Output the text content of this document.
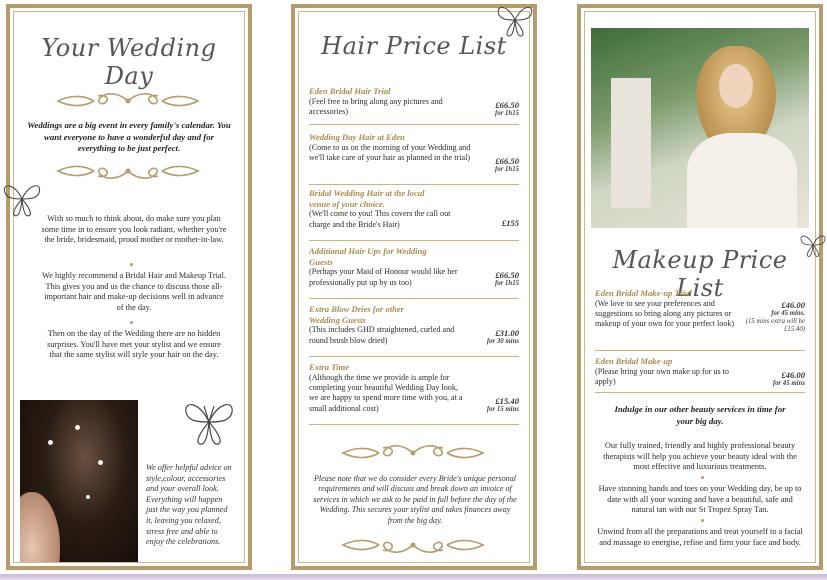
Your Wedding Day

Weddings are a big event in every family's calendar. You want everyone to have a wonderful day and for everything to be just perfect.

With so much to think about, do make sure you plan some time in to ensure you look radiant, whether you're the bride, bridesmaid, proud mother or mother-in-law.

We highly recommend a Bridal Hair and Makeup Trial. This gives you and us the chance to discuss those all-important hair and make-up decisions well in advance of the day.

Then on the day of the Wedding there are no hidden surprises. You'll have met your stylist and we ensure that the same stylist will style your hair on the day.

We offer helpful advice on style,colour, accessories and your overall look. Everything will happen just the way you planned it, leaving you relaxed, stress free and able to enjoy the celebrations.

Hair Price List
Eden Bridal Hair Trial
(Feel free to bring along any pictures and accessories)
£66.50
for 1h15
Wedding Day Hair at Eden
(Come to us on the morning of your Wedding and we'll take care of your hair as planned in the trial)	£66.50
for 1h15
Bridal Wedding Hair at the local venue of your choice.
(We'll come to you! This covers the call out charge and the Bride's Hair)	£155
Additional Hair Ups for Wedding Guests
(Perhaps your Maid of Honour would like her professionally put up by us too)
£66.50
for 1h15
Extra Blow Dries for other Wedding Guests
(This includes GHD straightened, curled and round brush blow dried)
£31.00
for 30 mins
Extra Time
(Although the time we provide is ample for completing your beautiful Wedding Day look, we are happy to spend more time with you, at a small additional cost)
£15.40
for 15 mins

Please note that we do consider every Bride's unique personal requirements and will discuss and break down an invoice of services in which we ask to be paid in full before the day of the Wedding. This secures your stylist and takes finances away from the big day.

Makeup Price List
Eden Bridal Make-up Trial
(We love to see your preferences and suggestions so bring along any pictures or makeup of your own for your perfect look)
£46.00
for 45 mins.
(15 mins extra will be £15.40)
Eden Bridal Make-up
(Please bring your own make up for us to apply)
£46.00
for 45 mins

Indulge in our other beauty services in time for your big day.

Our fully trained, friendly and highly professional beauty therapists will help you achieve your beauty ideal with the most effective and luxurious treatments.

Have stunning hands and toes on your Wedding day, be up to date with all your waxing and have a beautiful, safe and natural tan with our St Tropez Spray Tan.

Unwind from all the preparations and treat yourself to a facial and massage to energise, refine and firm your face and body.
